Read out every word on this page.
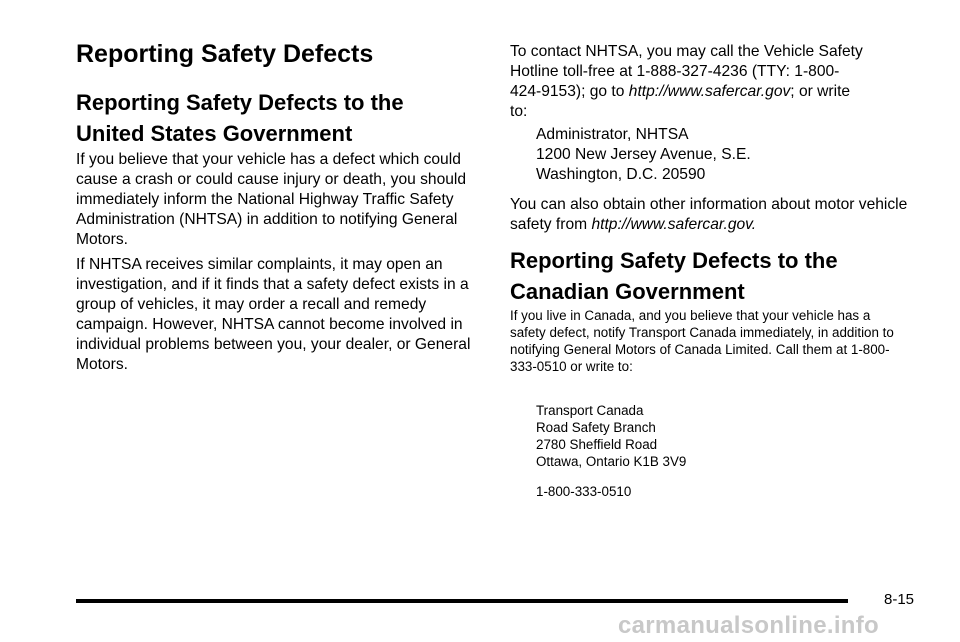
Reporting Safety Defects
Reporting Safety Defects to the
United States Government

If you believe that your vehicle has a defect which could cause a crash or could cause injury or death, you should immediately inform the National Highway Traffic Safety Administration (NHTSA) in addition to notifying General Motors.

If NHTSA receives similar complaints, it may open an investigation, and if it finds that a safety defect exists in a group of vehicles, it may order a recall and remedy campaign. However, NHTSA cannot become involved in individual problems between you, your dealer, or General Motors.

To contact NHTSA, you may call the Vehicle Safety Hotline toll-free at 1-888-327-4236 (TTY: 1-800-424-9153); go to http://www.safercar.gov; or write to:

Administrator, NHTSA
1200 New Jersey Avenue, S.E.
Washington, D.C. 20590

You can also obtain other information about motor vehicle safety from http://www.safercar.gov.

Reporting Safety Defects to the
Canadian Government

If you live in Canada, and you believe that your vehicle has a safety defect, notify Transport Canada immediately, in addition to notifying General Motors of Canada Limited. Call them at 1-800-333-0510 or write to:

Transport Canada
Road Safety Branch
2780 Sheffield Road
Ottawa, Ontario K1B 3V9
1-800-333-0510
8-15
carmanualsonline.info
